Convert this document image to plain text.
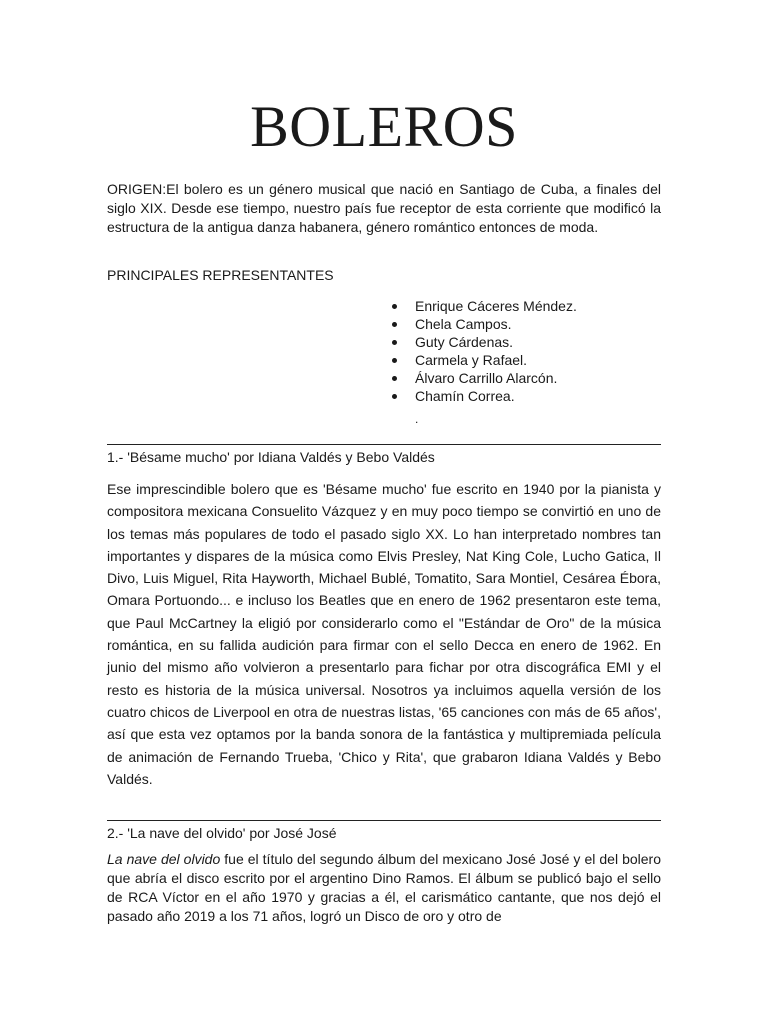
BOLEROS

ORIGEN:El bolero es un género musical que nació en Santiago de Cuba, a finales del siglo XIX. Desde ese tiempo, nuestro país fue receptor de esta corriente que modificó la estructura de la antigua danza habanera, género romántico entonces de moda.

PRINCIPALES REPRESENTANTES

Enrique Cáceres Méndez.
Chela Campos.
Guty Cárdenas.
Carmela y Rafael.
Álvaro Carrillo Alarcón.
Chamín Correa.

.

1.- 'Bésame mucho' por Idiana Valdés y Bebo Valdés

Ese imprescindible bolero que es 'Bésame mucho' fue escrito en 1940 por la pianista y compositora mexicana Consuelito Vázquez y en muy poco tiempo se convirtió en uno de los temas más populares de todo el pasado siglo XX. Lo han interpretado nombres tan importantes y dispares de la música como Elvis Presley, Nat King Cole, Lucho Gatica, Il Divo, Luis Miguel, Rita Hayworth, Michael Bublé, Tomatito, Sara Montiel, Cesárea Ébora, Omara Portuondo... e incluso los Beatles que en enero de 1962 presentaron este tema, que Paul McCartney la eligió por considerarlo como el "Estándar de Oro" de la música romántica, en su fallida audición para firmar con el sello Decca en enero de 1962. En junio del mismo año volvieron a presentarlo para fichar por otra discográfica EMI y el resto es historia de la música universal. Nosotros ya incluimos aquella versión de los cuatro chicos de Liverpool en otra de nuestras listas, '65 canciones con más de 65 años', así que esta vez optamos por la banda sonora de la fantástica y multipremiada película de animación de Fernando Trueba, 'Chico y Rita', que grabaron Idiana Valdés y Bebo Valdés.

2.- 'La nave del olvido' por José José

La nave del olvido fue el título del segundo álbum del mexicano José José y el del bolero que abría el disco escrito por el argentino Dino Ramos. El álbum se publicó bajo el sello de RCA Víctor en el año 1970 y gracias a él, el carismático cantante, que nos dejó el pasado año 2019 a los 71 años, logró un Disco de oro y otro de
